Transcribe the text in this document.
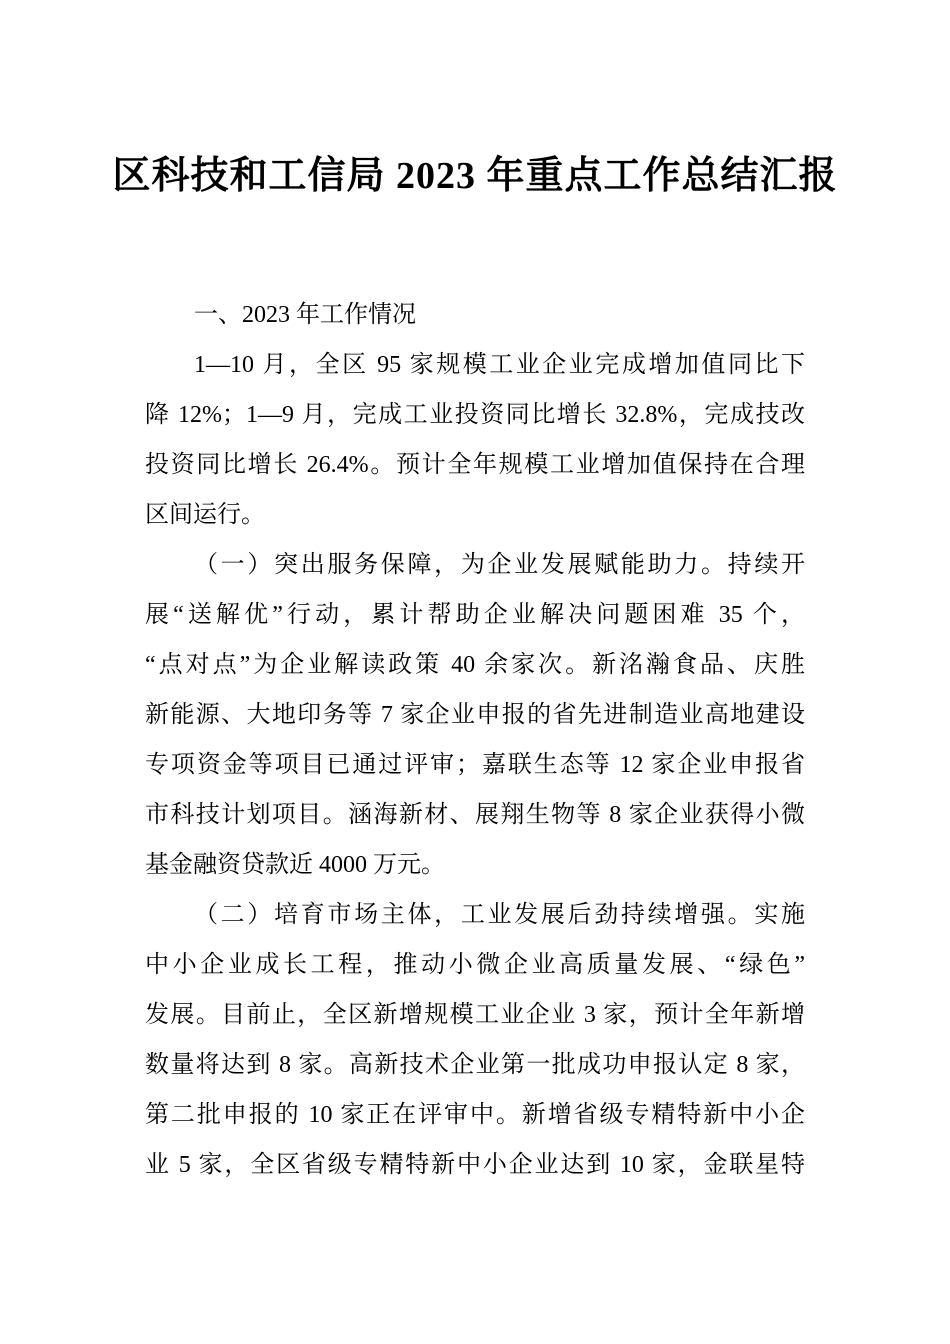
区科技和工信局 2023 年重点工作总结汇报
一、2023 年工作情况
1—10 月，全区 95 家规模工业企业完成增加值同比下
降 12%；1—9 月，完成工业投资同比增长 32.8%，完成技改
投资同比增长 26.4%。预计全年规模工业增加值保持在合理
区间运行。
（一）突出服务保障，为企业发展赋能助力。持续开
展“送解优”行动，累计帮助企业解决问题困难 35 个，
“点对点”为企业解读政策 40 余家次。新洺瀚食品、庆胜
新能源、大地印务等 7 家企业申报的省先进制造业高地建设
专项资金等项目已通过评审；嘉联生态等 12 家企业申报省
市科技计划项目。涵海新材、展翔生物等 8 家企业获得小微
基金融资贷款近 4000 万元。
（二）培育市场主体，工业发展后劲持续增强。实施
中小企业成长工程，推动小微企业高质量发展、“绿色”
发展。目前止，全区新增规模工业企业 3 家，预计全年新增
数量将达到 8 家。高新技术企业第一批成功申报认定 8 家，
第二批申报的 10 家正在评审中。新增省级专精特新中小企
业 5 家，全区省级专精特新中小企业达到 10 家，金联星特
